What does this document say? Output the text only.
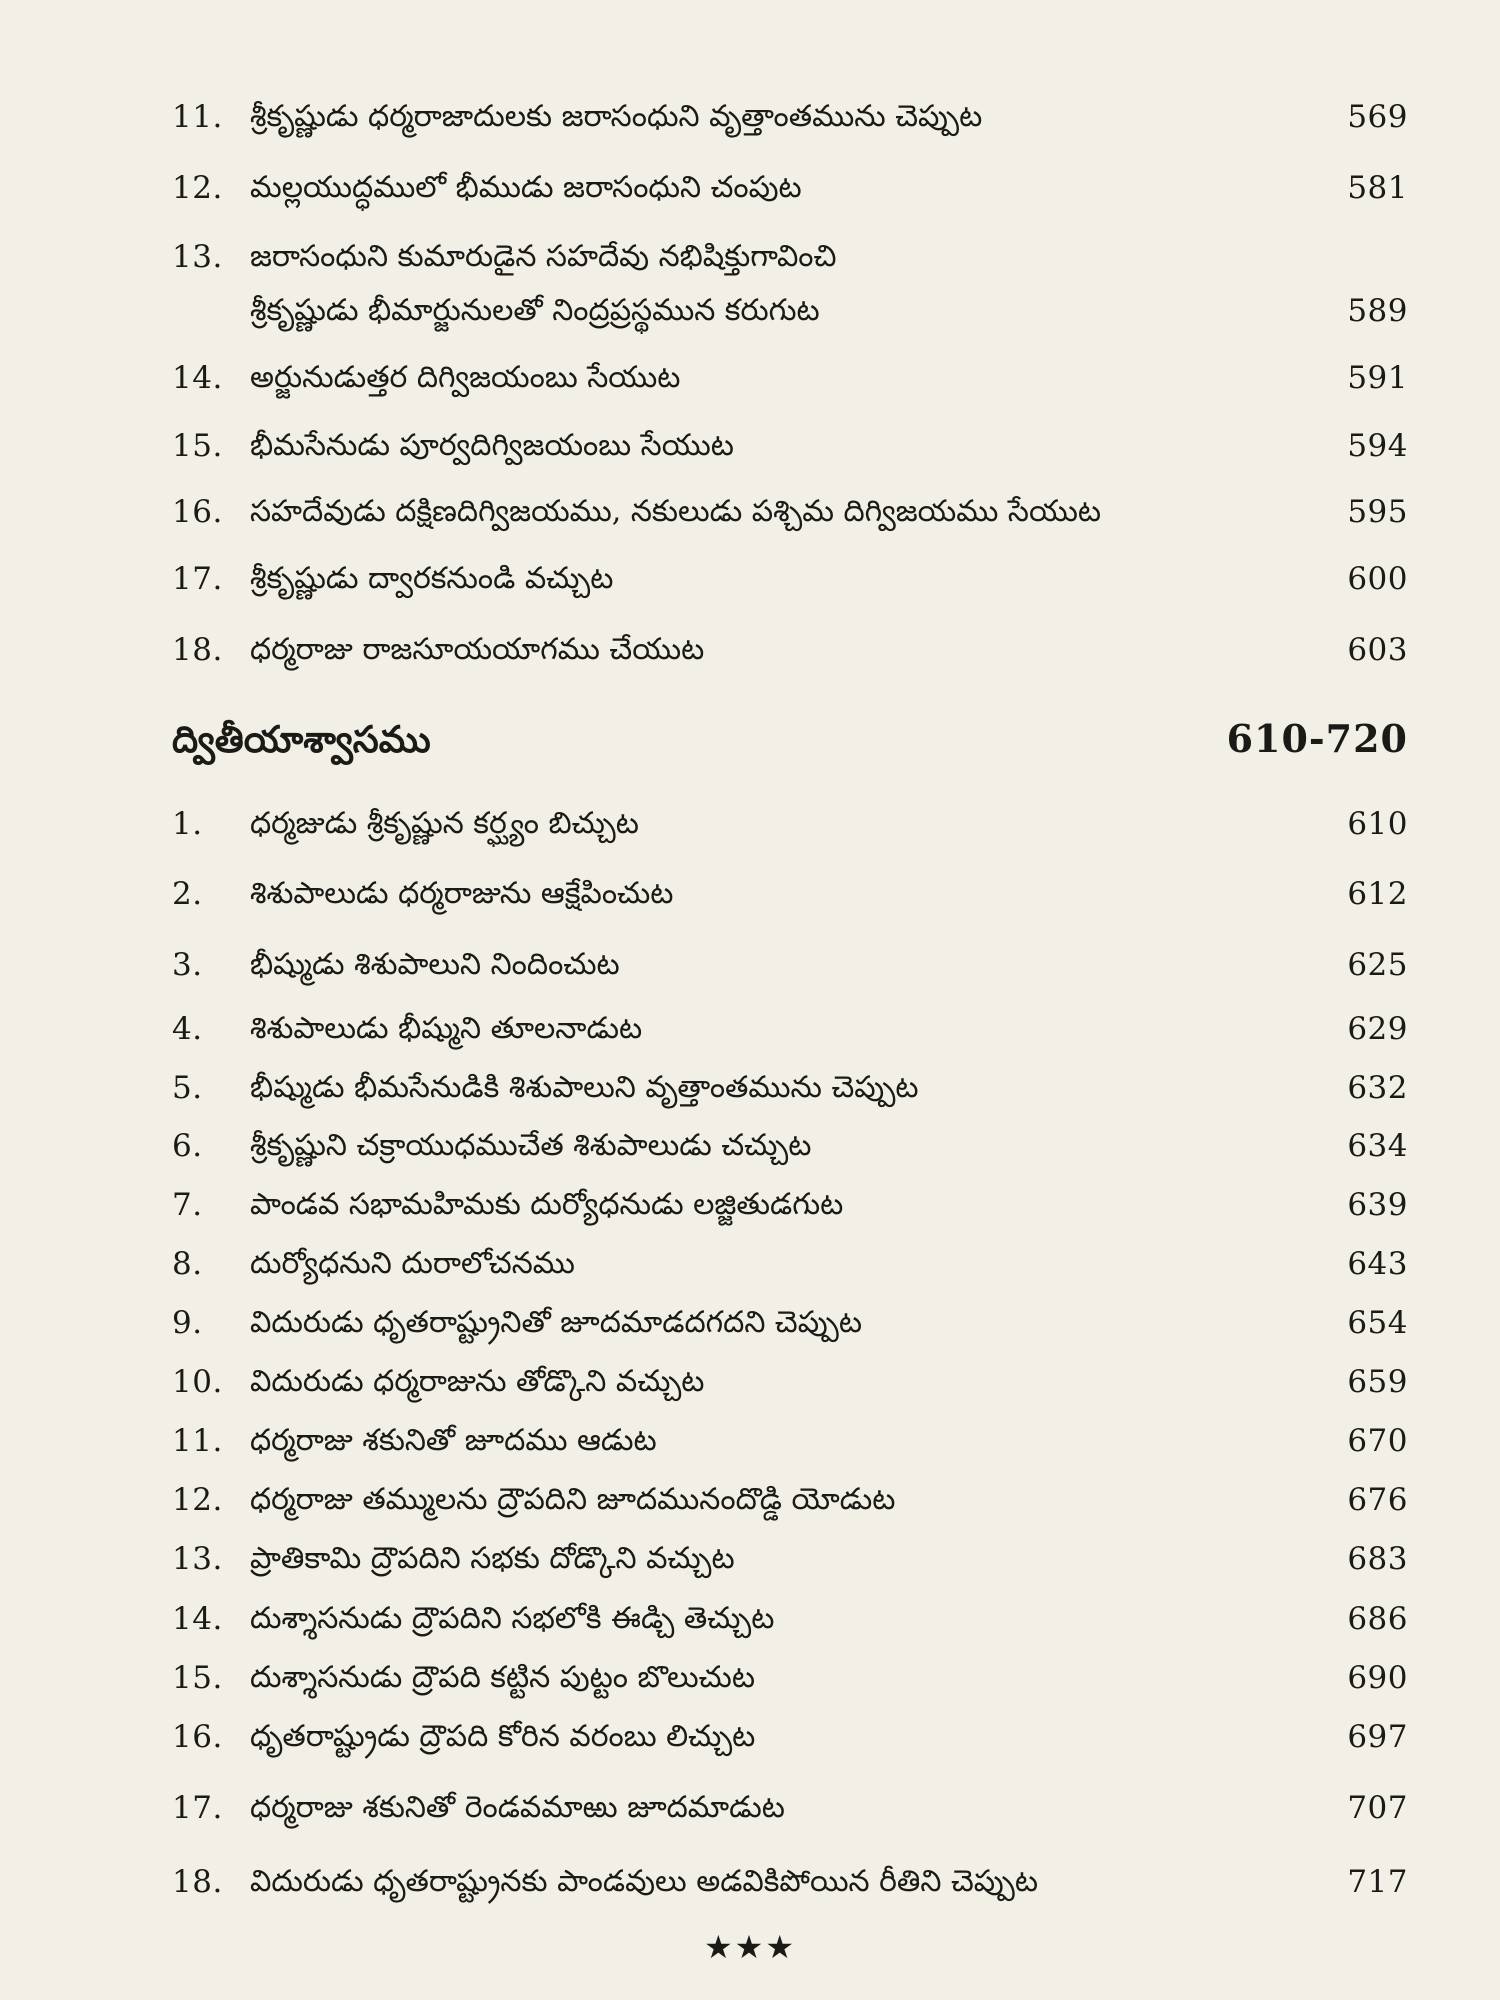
11. శ్రీకృష్ణుడు ధర్మరాజాదులకు జరాసంధుని వృత్తాంతమును చెప్పుట	569
12. మల్లయుద్ధములో భీముడు జరాసంధుని చంపుట	581
13. జరాసంధుని కుమారుడైన సహదేవు నభిషిక్తుగావించి
శ్రీకృష్ణుడు భీమార్జునులతో నింద్రప్రస్థమున కరుగుట	589
14. అర్జునుడుత్తర దిగ్విజయంబు సేయుట	591
15. భీమసేనుడు పూర్వదిగ్విజయంబు సేయుట	594
16. సహదేవుడు దక్షిణదిగ్విజయము, నకులుడు పశ్చిమ దిగ్విజయము సేయుట	595
17. శ్రీకృష్ణుడు ద్వారకనుండి వచ్చుట	600
18. ధర్మరాజు రాజసూయయాగము చేయుట	603
ద్వితీయాశ్వాసము	610-720
1.	ధర్మజుడు శ్రీకృష్ణున కర్ఘ్యం బిచ్చుట	610
2.	శిశుపాలుడు ధర్మరాజును ఆక్షేపించుట	612
3.	భీష్ముడు శిశుపాలుని నిందించుట	625
4.	శిశుపాలుడు భీష్ముని తూలనాడుట	629
5.	భీష్ముడు భీమసేనుడికి శిశుపాలుని వృత్తాంతమును చెప్పుట	632
6.	శ్రీకృష్ణుని చక్రాయుధముచేత శిశుపాలుడు చచ్చుట	634
7.	పాండవ సభామహిమకు దుర్యోధనుడు లజ్జితుడగుట	639
8.	దుర్యోధనుని దురాలోచనము	643
9.	విదురుడు ధృతరాష్ట్రునితో జూదమాడదగదని చెప్పుట	654
10. విదురుడు ధర్మరాజును తోడ్కొని వచ్చుట	659
11. ధర్మరాజు శకునితో జూదము ఆడుట	670
12. ధర్మరాజు తమ్ములను ద్రౌపదిని జూదమునందొడ్డి యోడుట	676
13. ప్రాతికామి ద్రౌపదిని సభకు దోడ్కొని వచ్చుట	683
14. దుశ్శాసనుడు ద్రౌపదిని సభలోకి ఈడ్చి తెచ్చుట	686
15. దుశ్శాసనుడు ద్రౌపది కట్టిన పుట్టం బొలుచుట	690
16. ధృతరాష్ట్రుడు ద్రౌపది కోరిన వరంబు లిచ్చుట	697
17. ధర్మరాజు శకునితో రెండవమాఱు జూదమాడుట	707
18. విదురుడు ధృతరాష్ట్రునకు పాండవులు అడవికిపోయిన రీతిని చెప్పుట	717
★★★
